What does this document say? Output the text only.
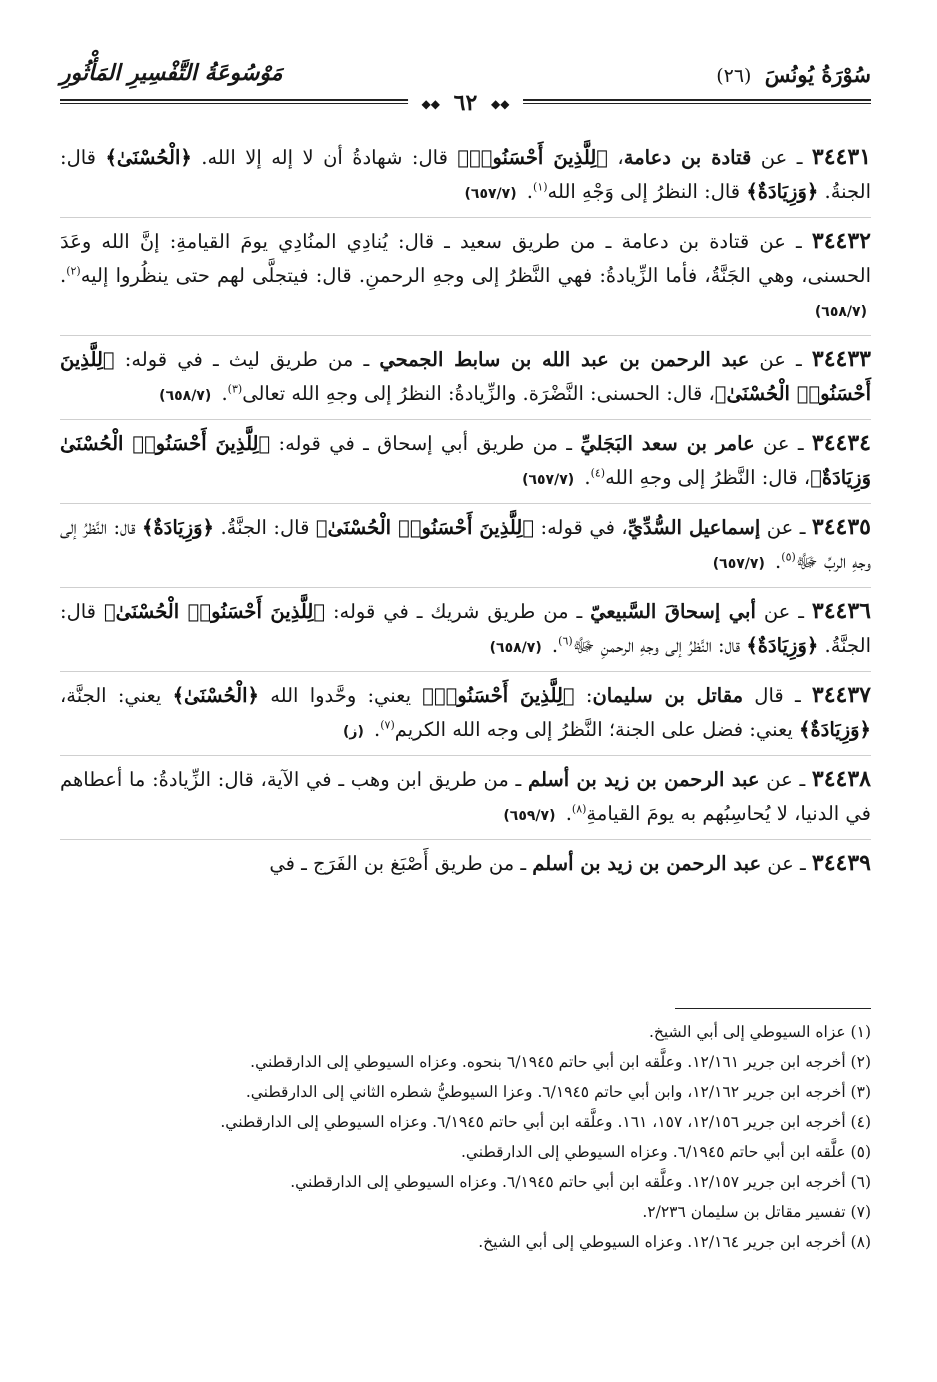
سُوْرَةُ يُونُسَ (٢٦)
مَوْسُوعَةُ التَّفْسِيرِ المَأْثُورِ
◆◆ ٦٢ ◆◆
٣٤٤٣١ ـ عن قتادة بن دعامة، ﴿لِلَّذِينَ أَحْسَنُوا۟﴾ قال: شهادةُ أن لا إله إلا الله. ﴿الْحُسْنَىٰ﴾ قال: الجنةُ. ﴿وَزِيَادَةٌ﴾ قال: النظرُ إلى وَجْهِ الله$^{(١)}$. (٦٥٧/٧)
٣٤٤٣٢ ـ عن قتادة بن دعامة ـ من طريق سعيد ـ قال: يُنادِي المنُادِي يومَ القيامةِ: إنَّ الله وعَدَ الحسنى، وهي الجَنَّةُ، فأما الزِّيادةُ: فهي النَّظرُ إلى وجهِ الرحمنِ. قال: فيتجلَّى لهم حتى ينظُروا إليه$^{(٢)}$. (٦٥٨/٧)
٣٤٤٣٣ ـ عن عبد الرحمن بن عبد الله بن سابط الجمحي ـ من طريق ليث ـ في قوله: ﴿لِلَّذِينَ أَحْسَنُوا۟ الْحُسْنَىٰ﴾، قال: الحسنى: النَّضْرَة. والزِّيادةُ: النظرُ إلى وجهِ الله تعالى$^{(٣)}$. (٦٥٨/٧)
٣٤٤٣٤ ـ عن عامر بن سعد البَجَليِّ ـ من طريق أبي إسحاق ـ في قوله: ﴿لِلَّذِينَ أَحْسَنُوا۟ الْحُسْنَىٰ وَزِيَادَةٌ﴾، قال: النَّظرُ إلى وجهِ الله$^{(٤)}$. (٦٥٧/٧)
٣٤٤٣٥ ـ عن إسماعيل السُّدِّيِّ، في قوله: ﴿لِلَّذِينَ أَحْسَنُوا۟ الْحُسْنَىٰ﴾ قال: الجنَّةُ. ﴿وَزِيَادَةٌ﴾ قال: النَّظرُ إلى وجهِ الربِّ ﷻ$^{(٥)}$. (٦٥٧/٧)
٣٤٤٣٦ ـ عن أبي إسحاقَ السَّبيعيّ ـ من طريق شريك ـ في قوله: ﴿لِلَّذِينَ أَحْسَنُوا۟ الْحُسْنَىٰ﴾ قال: الجنَّةُ. ﴿وَزِيَادَةٌ﴾ قال: النَّظرُ إلى وجهِ الرحمنِ ﷻ$^{(٦)}$. (٦٥٨/٧)
٣٤٤٣٧ ـ قال مقاتل بن سليمان: ﴿لِلَّذِينَ أَحْسَنُوا۟﴾ يعني: وحَّدوا الله ﴿الْحُسْنَىٰ﴾ يعني: الجنَّة، ﴿وَزِيَادَةٌ﴾ يعني: فضل على الجنة؛ النَّظرُ إلى وجه الله الكريم$^{(٧)}$. (ز)
٣٤٤٣٨ ـ عن عبد الرحمن بن زيد بن أسلم ـ من طريق ابن وهب ـ في الآية، قال: الزِّيادةُ: ما أعطاهم في الدنيا، لا يُحاسِبُهم به يومَ القيامةِ$^{(٨)}$. (٦٥٩/٧)
٣٤٤٣٩ ـ عن عبد الرحمن بن زيد بن أسلم ـ من طريق أَصْبَغ بن الفَرَج ـ في
(١) عزاه السيوطي إلى أبي الشيخ.
(٢) أخرجه ابن جرير ١٢/١٦١. وعلَّقه ابن أبي حاتم ٦/١٩٤٥ بنحوه. وعزاه السيوطي إلى الدارقطني.
(٣) أخرجه ابن جرير ١٢/١٦٢، وابن أبي حاتم ٦/١٩٤٥. وعزا السيوطيُّ شطره الثاني إلى الدارقطني.
(٤) أخرجه ابن جرير ١٢/١٥٦، ١٥٧، ١٦١. وعلَّقه ابن أبي حاتم ٦/١٩٤٥. وعزاه السيوطي إلى الدارقطني.
(٥) علَّقه ابن أبي حاتم ٦/١٩٤٥. وعزاه السيوطي إلى الدارقطني.
(٦) أخرجه ابن جرير ١٢/١٥٧. وعلَّقه ابن أبي حاتم ٦/١٩٤٥. وعزاه السيوطي إلى الدارقطني.
(٧) تفسير مقاتل بن سليمان ٢/٢٣٦.
(٨) أخرجه ابن جرير ١٢/١٦٤. وعزاه السيوطي إلى أبي الشيخ.
